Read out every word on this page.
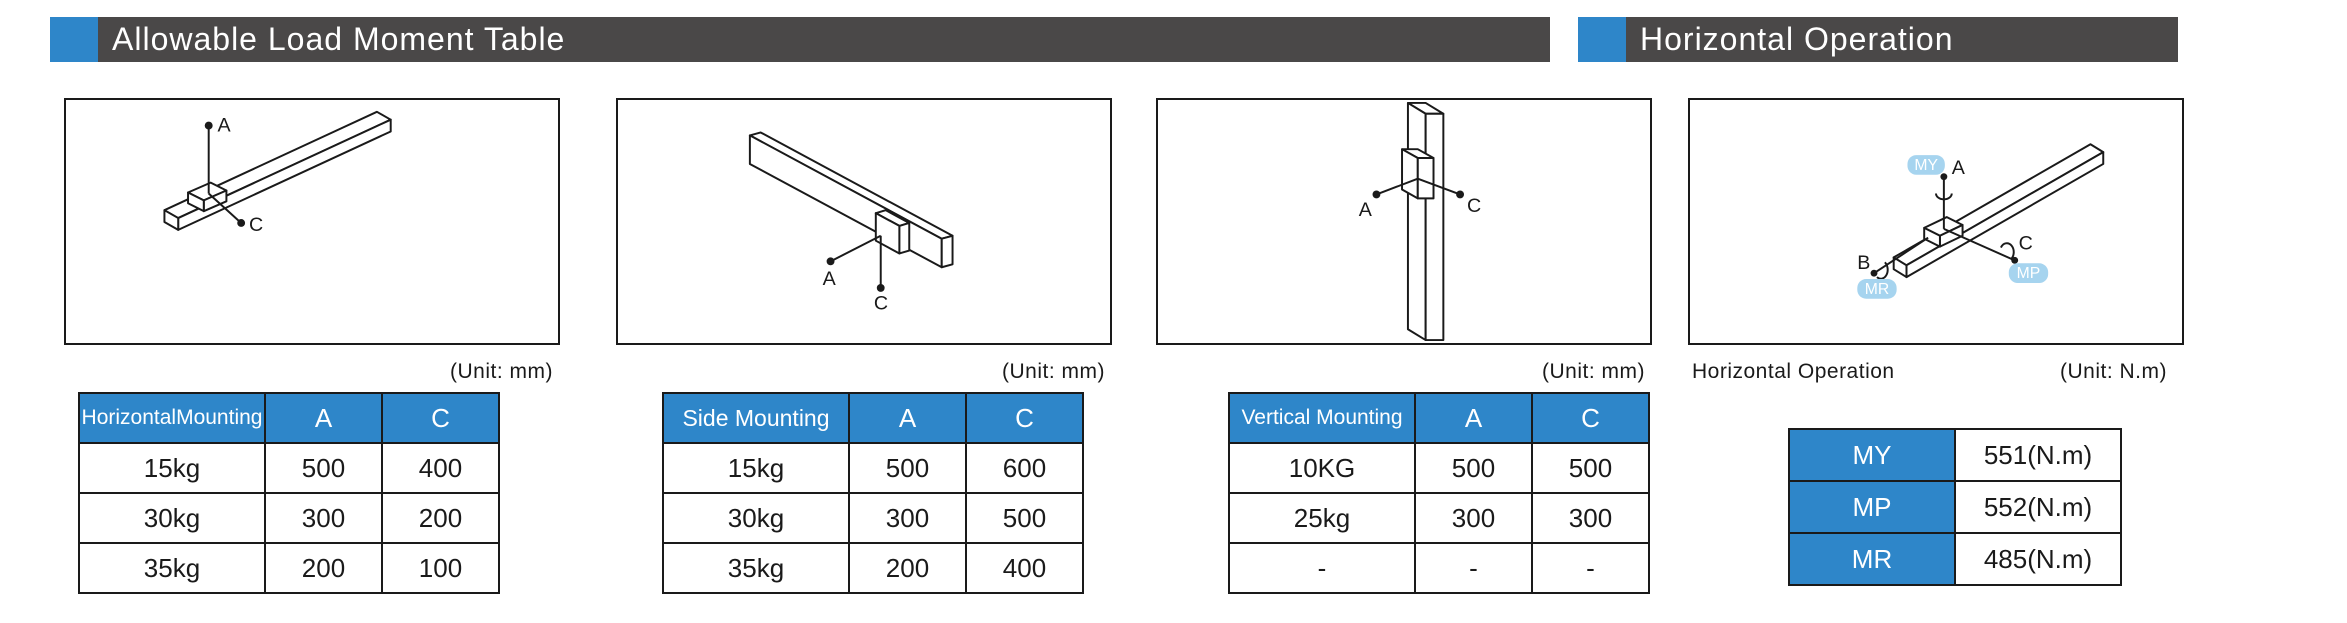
Allowable Load Moment Table	Horizontal Operation
A
C
A
C
A	C
A
C
B
MY
MP
MR
(Unit: mm)	(Unit: mm)	(Unit: mm) Horizontal Operation	(Unit: N.m)
HorizontalMounting	A	C
15kg	500	400
30kg	300	200
35kg	200	100
Side Mounting	A	C
15kg	500	600
30kg	300	500
35kg	200	400
Vertical Mounting	A	C
10KG	500	500
25kg	300	300
-	-	-
MY	551(N.m)
MP	552(N.m)
MR	485(N.m)
